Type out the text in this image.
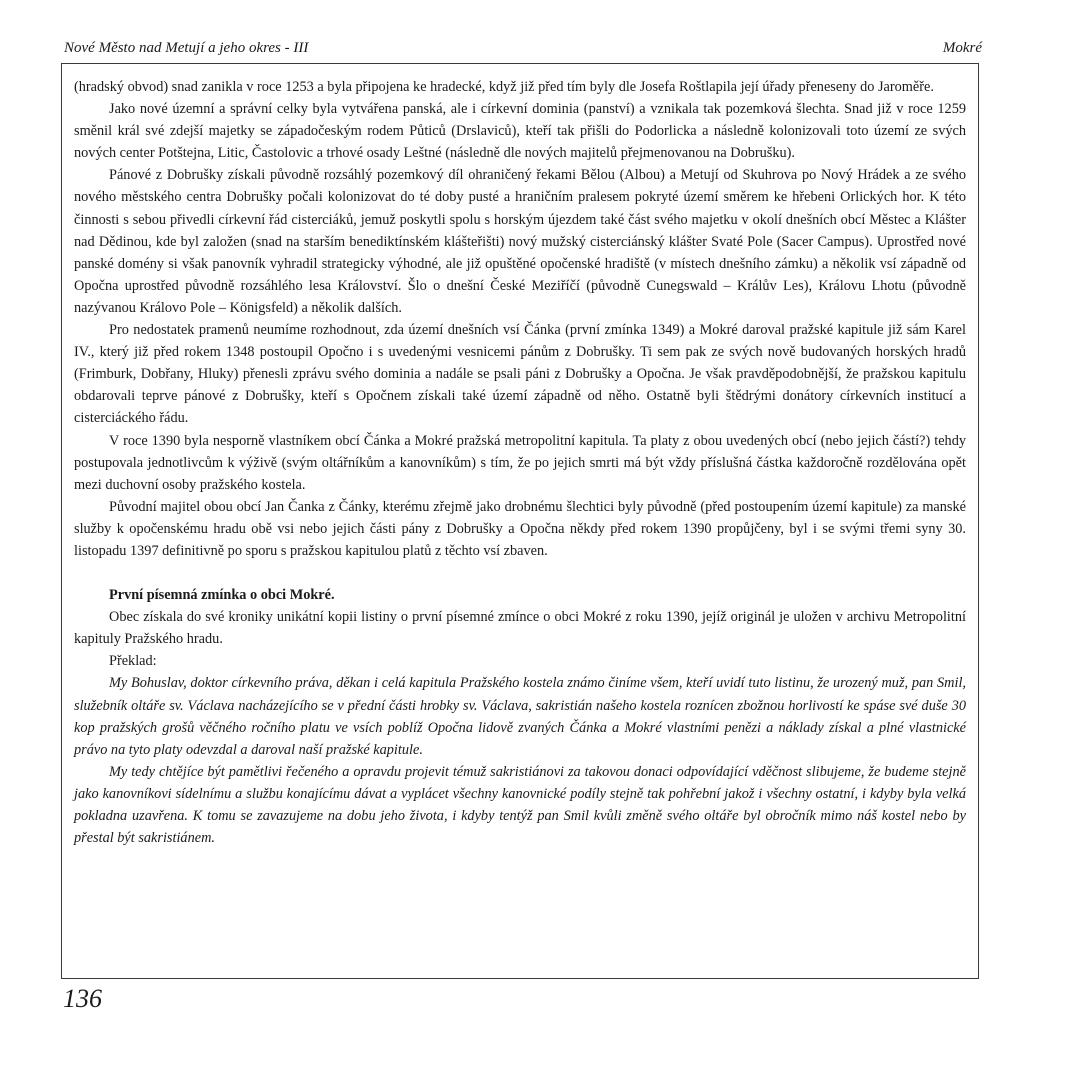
Nové Město nad Metují a jeho okres - III	Mokré

(hradský obvod) snad zanikla v roce 1253 a byla připojena ke hradecké, když již před tím byly dle Josefa Roštlapila její úřady přeneseny do Jaroměře.

Jako nové územní a správní celky byla vytvářena panská, ale i církevní dominia (panství) a vznikala tak pozemková šlechta. Snad již v roce 1259 směnil král své zdejší majetky se západočeským rodem Půticů (Drslaviců), kteří tak přišli do Podorlicka a následně kolonizovali toto území ze svých nových center Potštejna, Litic, Častolovic a trhové osady Leštné (následně dle nových majitelů přejmenovanou na Dobrušku).

Pánové z Dobrušky získali původně rozsáhlý pozemkový díl ohraničený řekami Bělou (Albou) a Metují od Skuhrova po Nový Hrádek a ze svého nového městského centra Dobrušky počali kolonizovat do té doby pusté a hraničním pralesem pokryté území směrem ke hřebeni Orlických hor. K této činnosti s sebou přivedli církevní řád cisterciáků, jemuž poskytli spolu s horským újezdem také část svého majetku v okolí dnešních obcí Městec a Klášter nad Dědinou, kde byl založen (snad na starším benediktínském klášteřišti) nový mužský cisterciánský klášter Svaté Pole (Sacer Campus). Uprostřed nové panské domény si však panovník vyhradil strategicky výhodné, ale již opuštěné opočenské hradiště (v místech dnešního zámku) a několik vsí západně od Opočna uprostřed původně rozsáhlého lesa Království. Šlo o dnešní České Meziříčí (původně Cunegswald – Králův Les), Královu Lhotu (původně nazývanou Královo Pole – Königsfeld) a několik dalších.

Pro nedostatek pramenů neumíme rozhodnout, zda území dnešních vsí Čánka (první zmínka 1349) a Mokré daroval pražské kapitule již sám Karel IV., který již před rokem 1348 postoupil Opočno i s uvedenými vesnicemi pánům z Dobrušky. Ti sem pak ze svých nově budovaných horských hradů (Frimburk, Dobřany, Hluky) přenesli zprávu svého dominia a nadále se psali páni z Dobrušky a Opočna. Je však pravděpodobnější, že pražskou kapitulu obdarovali teprve pánové z Dobrušky, kteří s Opočnem získali také území západně od něho. Ostatně byli štědrými donátory církevních institucí a cisterciáckého řádu.

V roce 1390 byla nesporně vlastníkem obcí Čánka a Mokré pražská metropolitní kapitula. Ta platy z obou uvedených obcí (nebo jejich částí?) tehdy postupovala jednotlivcům k výživě (svým oltářníkům a kanovníkům) s tím, že po jejich smrti má být vždy příslušná částka každoročně rozdělována opět mezi duchovní osoby pražského kostela.

Původní majitel obou obcí Jan Čanka z Čánky, kterému zřejmě jako drobnému šlechtici byly původně (před postoupením území kapitule) za manské služby k opočenskému hradu obě vsi nebo jejich části pány z Dobrušky a Opočna někdy před rokem 1390 propůjčeny, byl i se svými třemi syny 30. listopadu 1397 definitivně po sporu s pražskou kapitulou platů z těchto vsí zbaven.

První písemná zmínka o obci Mokré.

Obec získala do své kroniky unikátní kopii listiny o první písemné zmínce o obci Mokré z roku 1390, jejíž originál je uložen v archivu Metropolitní kapituly Pražského hradu.

Překlad:

My Bohuslav, doktor církevního práva, děkan i celá kapitula Pražského kostela známo činíme všem, kteří uvidí tuto listinu, že urozený muž, pan Smil, služebník oltáře sv. Václava nacházejícího se v přední části hrobky sv. Václava, sakristián našeho kostela roznícen zbožnou horlivostí ke spáse své duše 30 kop pražských grošů věčného ročního platu ve vsích poblíž Opočna lidově zvaných Čánka a Mokré vlastními penězi a náklady získal a plné vlastnické právo na tyto platy odevzdal a daroval naší pražské kapitule.

My tedy chtějíce být pamětlivi řečeného a opravdu projevit témuž sakristiánovi za takovou donaci odpovídající vděčnost slibujeme, že budeme stejně jako kanovníkovi sídelnímu a službu konajícímu dávat a vyplácet všechny kanovnické podíly stejně tak pohřební jakož i všechny ostatní, i kdyby byla velká pokladna uzavřena. K tomu se zavazujeme na dobu jeho života, i kdyby tentýž pan Smil kvůli změně svého oltáře byl obročník mimo náš kostel nebo by přestal být sakristiánem.

136
